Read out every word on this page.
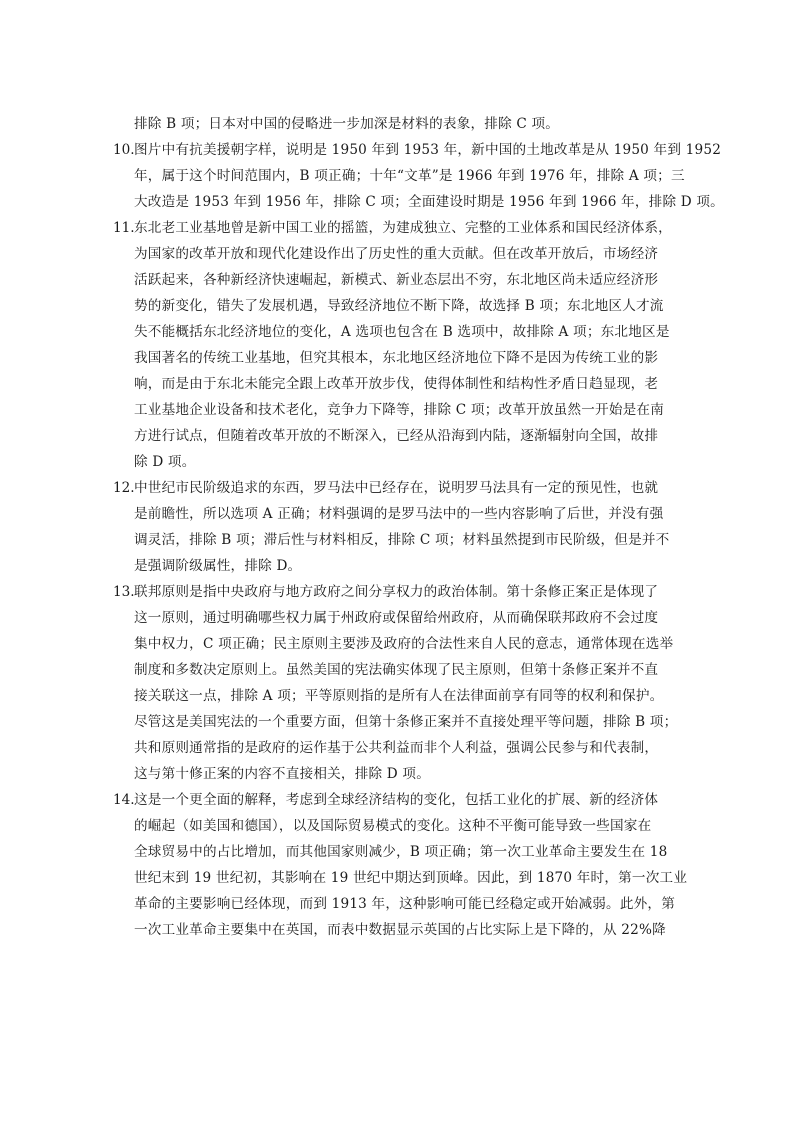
排除 B 项；日本对中国的侵略进一步加深是材料的表象，排除 C 项。
10. 图片中有抗美援朝字样，说明是 1950 年到 1953 年，新中国的土地改革是从 1950 年到 1952
年，属于这个时间范围内，B 项正确；十年“文革”是 1966 年到 1976 年，排除 A 项；三
大改造是 1953 年到 1956 年，排除 C 项；全面建设时期是 1956 年到 1966 年，排除 D 项。
11. 东北老工业基地曾是新中国工业的摇篮，为建成独立、完整的工业体系和国民经济体系，
为国家的改革开放和现代化建设作出了历史性的重大贡献。但在改革开放后，市场经济
活跃起来，各种新经济快速崛起，新模式、新业态层出不穷，东北地区尚未适应经济形
势的新变化，错失了发展机遇，导致经济地位不断下降，故选择 B 项；东北地区人才流
失不能概括东北经济地位的变化，A 选项也包含在 B 选项中，故排除 A 项；东北地区是
我国著名的传统工业基地，但究其根本，东北地区经济地位下降不是因为传统工业的影
响，而是由于东北未能完全跟上改革开放步伐，使得体制性和结构性矛盾日趋显现，老
工业基地企业设备和技术老化，竞争力下降等，排除 C 项；改革开放虽然一开始是在南
方进行试点，但随着改革开放的不断深入，已经从沿海到内陆，逐渐辐射向全国，故排
除 D 项。
12. 中世纪市民阶级追求的东西，罗马法中已经存在，说明罗马法具有一定的预见性，也就
是前瞻性，所以选项 A 正确；材料强调的是罗马法中的一些内容影响了后世，并没有强
调灵活，排除 B 项；滞后性与材料相反，排除 C 项；材料虽然提到市民阶级，但是并不
是强调阶级属性，排除 D。
13. 联邦原则是指中央政府与地方政府之间分享权力的政治体制。第十条修正案正是体现了
这一原则，通过明确哪些权力属于州政府或保留给州政府，从而确保联邦政府不会过度
集中权力，C 项正确；民主原则主要涉及政府的合法性来自人民的意志，通常体现在选举
制度和多数决定原则上。虽然美国的宪法确实体现了民主原则，但第十条修正案并不直
接关联这一点，排除 A 项；平等原则指的是所有人在法律面前享有同等的权利和保护。
尽管这是美国宪法的一个重要方面，但第十条修正案并不直接处理平等问题，排除 B 项；
共和原则通常指的是政府的运作基于公共利益而非个人利益，强调公民参与和代表制，
这与第十修正案的内容不直接相关，排除 D 项。
14. 这是一个更全面的解释，考虑到全球经济结构的变化，包括工业化的扩展、新的经济体
的崛起（如美国和德国），以及国际贸易模式的变化。这种不平衡可能导致一些国家在
全球贸易中的占比增加，而其他国家则减少，B 项正确；第一次工业革命主要发生在 18
世纪末到 19 世纪初，其影响在 19 世纪中期达到顶峰。因此，到 1870 年时，第一次工业
革命的主要影响已经体现，而到 1913 年，这种影响可能已经稳定或开始减弱。此外，第
一次工业革命主要集中在英国，而表中数据显示英国的占比实际上是下降的，从 22%降
